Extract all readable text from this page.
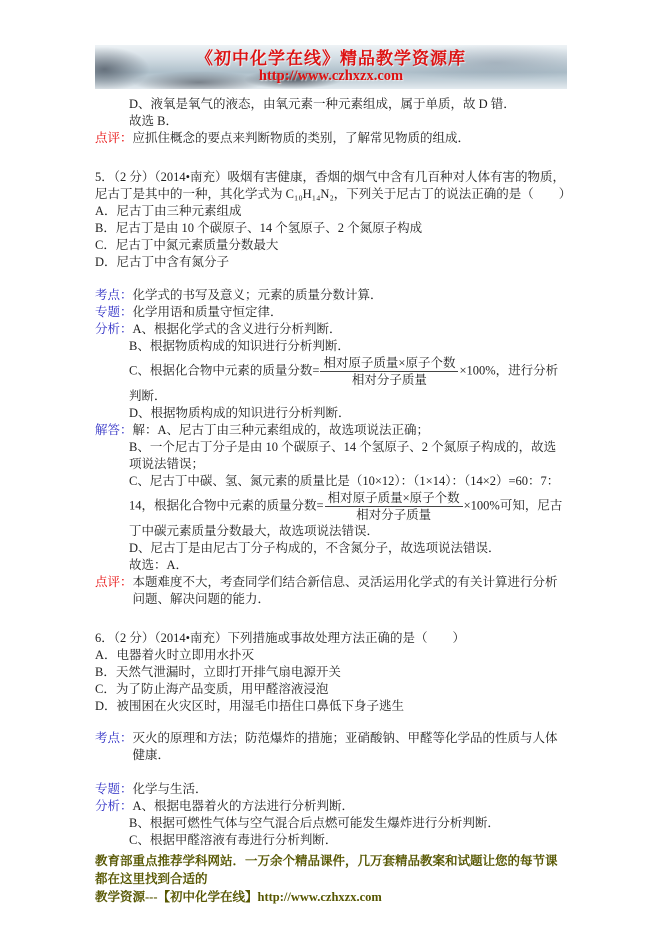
《初中化学在线》精品教学资源库
http://www.czhxzx.com
D、液氧是氧气的液态，由氧元素一种元素组成，属于单质，故 D 错．
故选 B．
点评： 应抓住概念的要点来判断物质的类别，了解常见物质的组成．
5．（2 分）（2014•南充）吸烟有害健康，香烟的烟气中含有几百种对人体有害的物质，尼古丁是其中的一种，其化学式为 C₁₀H₁₄N₂，下列关于尼古丁的说法正确的是（　　）
A．尼古丁由三种元素组成
B．尼古丁是由 10 个碳原子、14 个氢原子、2 个氮原子构成
C．尼古丁中氮元素质量分数最大
D．尼古丁中含有氮分子
考点： 化学式的书写及意义；元素的质量分数计算．
专题： 化学用语和质量守恒定律．
分析： A、根据化学式的含义进行分析判断．
B、根据物质构成的知识进行分析判断．
C、根据化合物中元素的质量分数= $\frac{\text{相对原子质量×原子个数}}{\text{相对分子质量}} \times 100\%$，进行分析判断．
D、根据物质构成的知识进行分析判断．
解答： 解：A、尼古丁由三种元素组成的，故选项说法正确；
B、一个尼古丁分子是由 10 个碳原子、14 个氢原子、2 个氮原子构成的，故选项说法错误；
C、尼古丁中碳、氢、氮元素的质量比是（10×12）：（1×14）：（14×2）=60：7：14，根据化合物中元素的质量分数= $\frac{\text{相对原子质量×原子个数}}{\text{相对分子质量}} \times 100\%$可知，尼古丁中碳元素质量分数最大，故选项说法错误．
D、尼古丁是由尼古丁分子构成的，不含氮分子，故选项说法错误．
故选：A．
点评： 本题难度不大，考查同学们结合新信息、灵活运用化学式的有关计算进行分析问题、解决问题的能力．
6．（2 分）（2014•南充）下列措施或事故处理方法正确的是（　　）
A．电器着火时立即用水扑灭
B．天然气泄漏时，立即打开排气扇电源开关
C．为了防止海产品变质，用甲醛溶液浸泡
D．被围困在火灾区时，用湿毛巾捂住口鼻低下身子逃生
考点： 灭火的原理和方法；防范爆炸的措施；亚硝酸钠、甲醛等化学品的性质与人体健康．
专题： 化学与生活．
分析： A、根据电器着火的方法进行分析判断．
B、根据可燃性气体与空气混合后点燃可能发生爆炸进行分析判断．
C、根据甲醛溶液有毒进行分析判断．
教育部重点推荐学科网站．一万余个精品课件，几万套精品教案和试题让您的每节课都在这里找到合适的
教学资源---【初中化学在线】http://www.czhxzx.com
